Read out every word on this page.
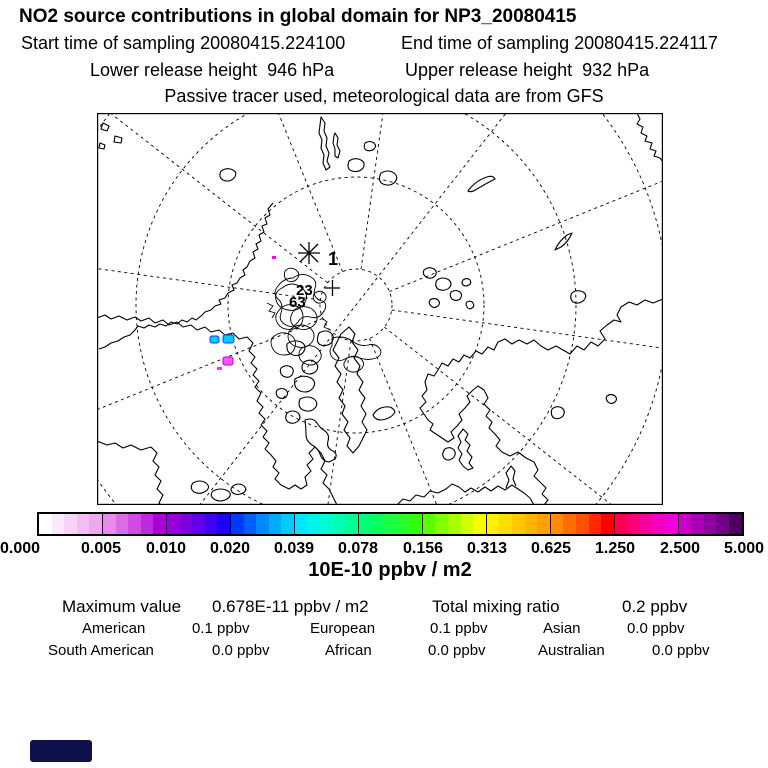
NO2 source contributions in global domain for NP3_20080415
Start time of sampling 20080415.224100	End time of sampling 20080415.224117
Lower release height  946 hPa	Upper release height  932 hPa
Passive tracer used, meteorological data are from GFS
1
23
63
0.000	0.005 0.010 0.020 0.039 0.078 0.156 0.313 0.625 1.250 2.500 5.000
10E-10 ppbv / m2
Maximum value 0.678E-11 ppbv / m2	Total mixing ratio	0.2 ppbv
American	0.1 ppbv	European	0.1 ppbv	Asian	0.0 ppbv
South American	0.0 ppbv	African	0.0 ppbv	Australian	0.0 ppbv
